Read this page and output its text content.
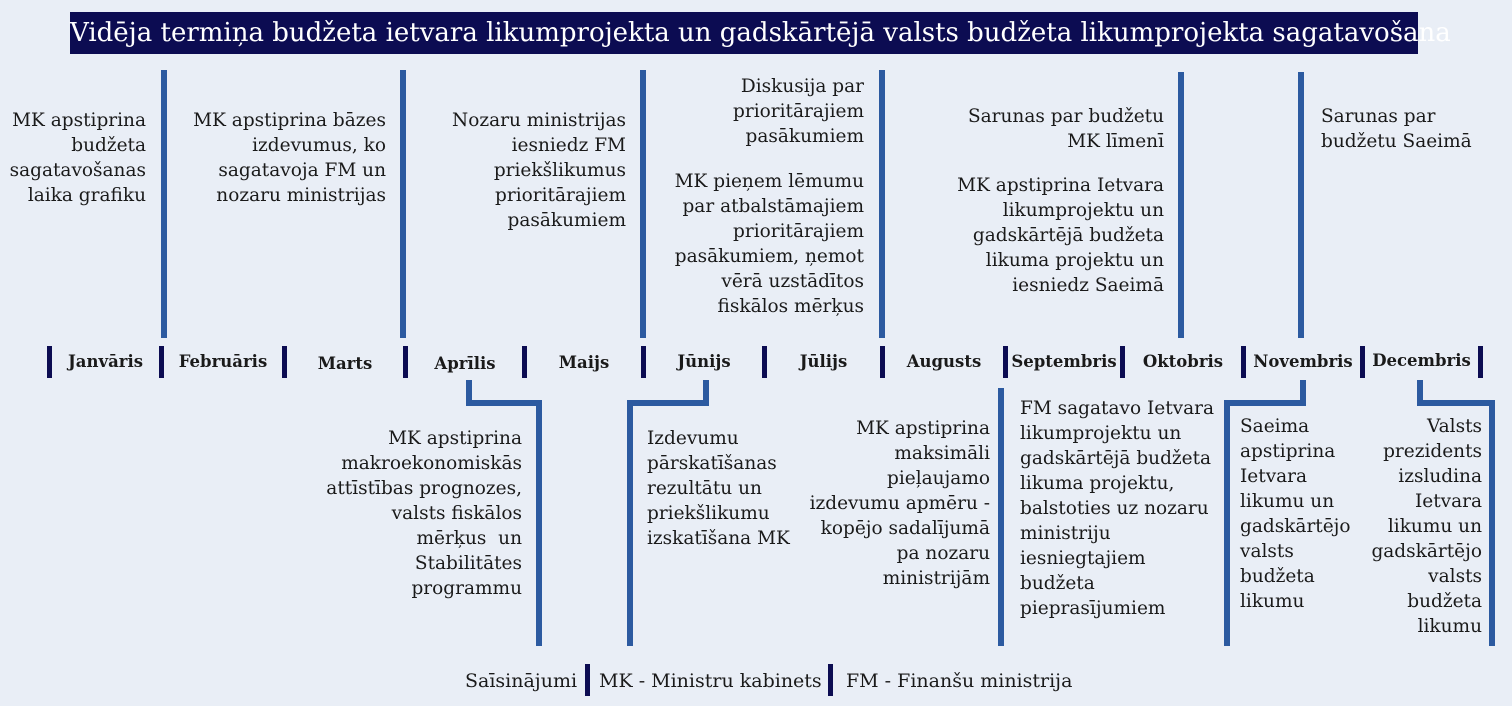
Vidēja termiņa budžeta ietvara likumprojekta un gadskārtējā valsts budžeta likumprojekta sagatavošana
Janvāris	Februāris	Marts	Aprīlis	Maijs	Jūnijs	Jūlijs	Augusts	Septembris	Oktobris	Novembris	Decembris
MK apstiprina
budžeta
sagatavošanas
laika grafiku
MK apstiprina bāzes
izdevumus, ko
sagatavoja FM un
nozaru ministrijas
Nozaru ministrijas
iesniedz FM
priekšlikumus
prioritārajiem
pasākumiem
Diskusija par
prioritārajiem
pasākumiem
MK pieņem lēmumu
par atbalstāmajiem
prioritārajiem
pasākumiem, ņemot
vērā uzstādītos
fiskālos mērķus
Sarunas par budžetu
MK līmenī
MK apstiprina Ietvara
likumprojektu un
gadskārtējā budžeta
likuma projektu un
iesniedz Saeimā
Sarunas par
budžetu Saeimā
MK apstiprina
makroekonomiskās
attīstības prognozes,
valsts fiskālos
mērķus  un
Stabilitātes
programmu
Izdevumu
pārskatīšanas
rezultātu un
priekšlikumu
izskatīšana MK
MK apstiprina
maksimāli
pieļaujamo
izdevumu apmēru -
kopējo sadalījumā
pa nozaru
ministrijām
FM sagatavo Ietvara
likumprojektu un
gadskārtējā budžeta
likuma projektu,
balstoties uz nozaru
ministriju
iesniegtajiem
budžeta
pieprasījumiem
Saeima
apstiprina
Ietvara
likumu un
gadskārtējo
valsts
budžeta
likumu
Valsts
prezidents
izsludina
Ietvara
likumu un
gadskārtējo
valsts
budžeta
likumu
Saīsinājumi MK - Ministru kabinets FM - Finanšu ministrija
